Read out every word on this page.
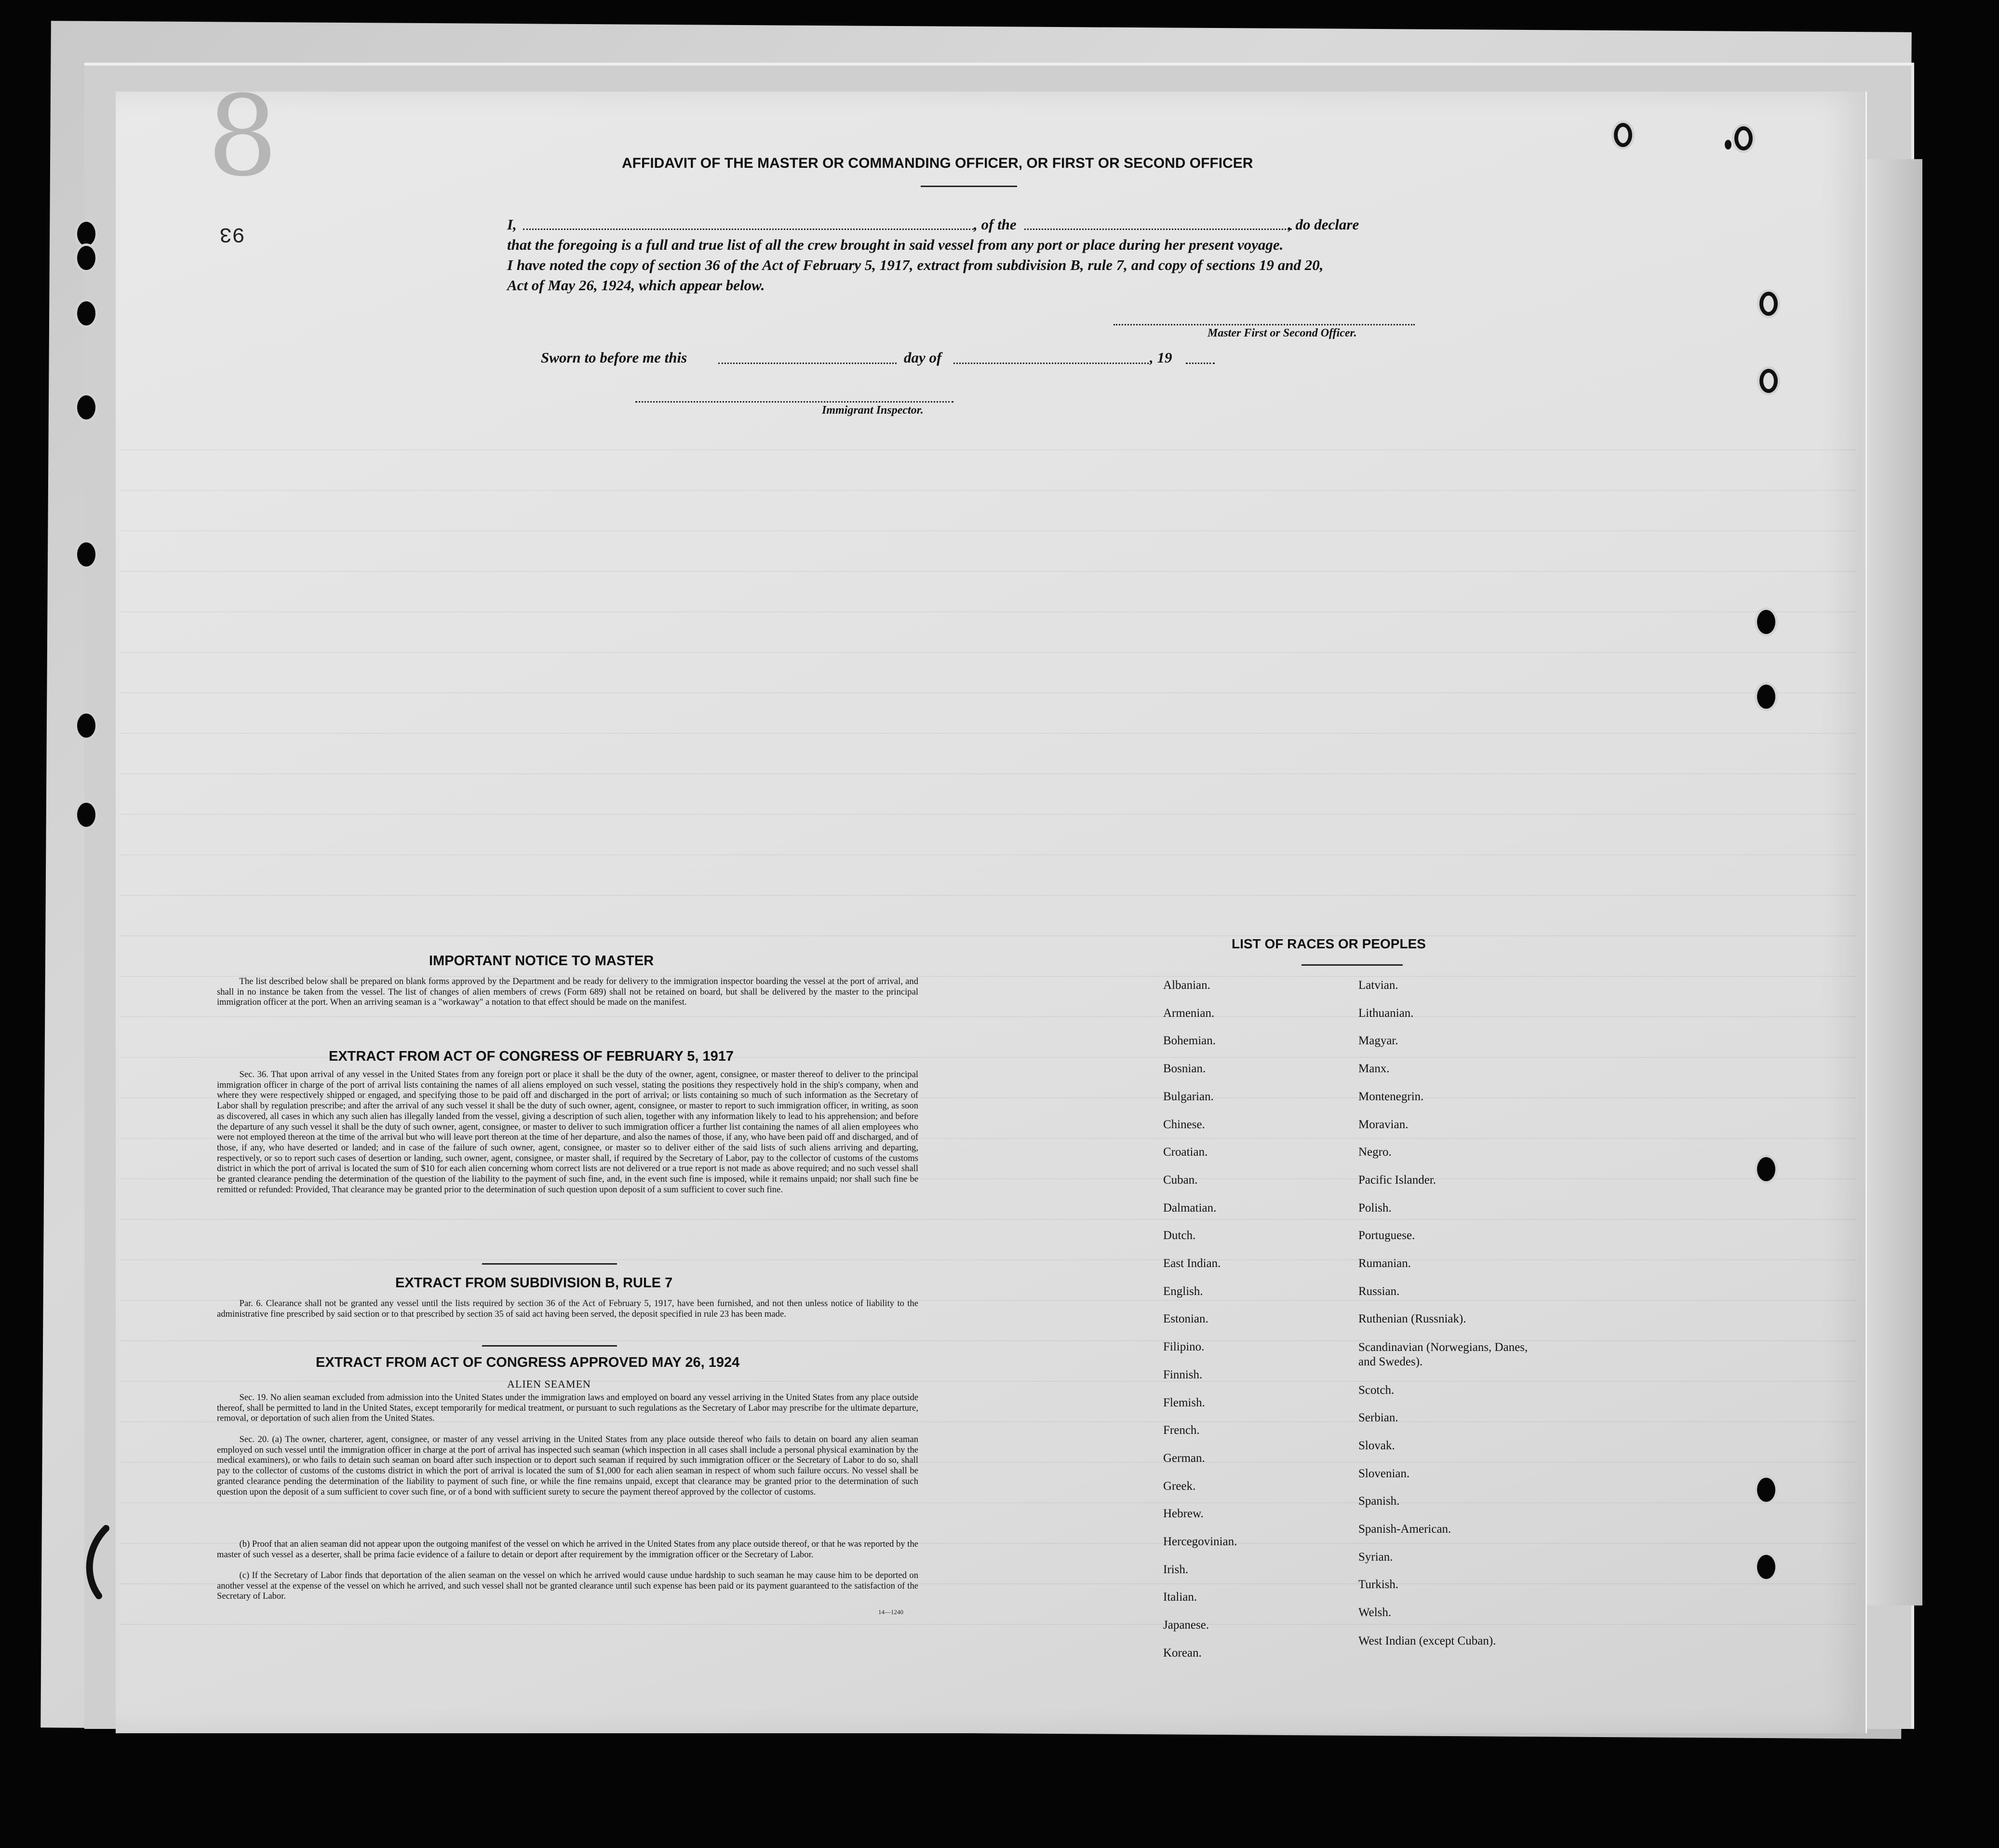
8
93
AFFIDAVIT OF THE MASTER OR COMMANDING OFFICER, OR FIRST OR SECOND OFFICER
I,	, of the	, do declare
that the foregoing is a full and true list of all the crew brought in said vessel from any port or place during her present voyage.
I have noted the copy of section 36 of the Act of February 5, 1917, extract from subdivision B, rule 7, and copy of sections 19 and 20,
Act of May 26, 1924, which appear below.
Master First or Second Officer.
Sworn to before me this	day of	, 19
Immigrant Inspector.
IMPORTANT NOTICE TO MASTER
The list described below shall be prepared on blank forms approved by the Department and be ready for delivery to the immigration inspector boarding the vessel at the port of arrival, and shall in no instance be taken from the vessel. The list of changes of alien members of crews (Form 689) shall not be retained on board, but shall be delivered by the master to the principal immigration officer at the port. When an arriving seaman is a "workaway" a notation to that effect should be made on the manifest.
EXTRACT FROM ACT OF CONGRESS OF FEBRUARY 5, 1917
Sec. 36. That upon arrival of any vessel in the United States from any foreign port or place it shall be the duty of the owner, agent, consignee, or master thereof to deliver to the principal immigration officer in charge of the port of arrival lists containing the names of all aliens employed on such vessel, stating the positions they respectively hold in the ship's company, when and where they were respectively shipped or engaged, and specifying those to be paid off and discharged in the port of arrival; or lists containing so much of such information as the Secretary of Labor shall by regulation prescribe; and after the arrival of any such vessel it shall be the duty of such owner, agent, consignee, or master to report to such immigration officer, in writing, as soon as discovered, all cases in which any such alien has illegally landed from the vessel, giving a description of such alien, together with any information likely to lead to his apprehension; and before the departure of any such vessel it shall be the duty of such owner, agent, consignee, or master to deliver to such immigration officer a further list containing the names of all alien employees who were not employed thereon at the time of the arrival but who will leave port thereon at the time of her departure, and also the names of those, if any, who have been paid off and discharged, and of those, if any, who have deserted or landed; and in case of the failure of such owner, agent, consignee, or master so to deliver either of the said lists of such aliens arriving and departing, respectively, or so to report such cases of desertion or landing, such owner, agent, consignee, or master shall, if required by the Secretary of Labor, pay to the collector of customs of the customs district in which the port of arrival is located the sum of $10 for each alien concerning whom correct lists are not delivered or a true report is not made as above required; and no such vessel shall be granted clearance pending the determination of the question of the liability to the payment of such fine, and, in the event such fine is imposed, while it remains unpaid; nor shall such fine be remitted or refunded: Provided, That clearance may be granted prior to the determination of such question upon deposit of a sum sufficient to cover such fine.
EXTRACT FROM SUBDIVISION B, RULE 7
Par. 6. Clearance shall not be granted any vessel until the lists required by section 36 of the Act of February 5, 1917, have been furnished, and not then unless notice of liability to the administrative fine prescribed by said section or to that prescribed by section 35 of said act having been served, the deposit specified in rule 23 has been made.
EXTRACT FROM ACT OF CONGRESS APPROVED MAY 26, 1924
ALIEN SEAMEN
Sec. 19. No alien seaman excluded from admission into the United States under the immigration laws and employed on board any vessel arriving in the United States from any place outside thereof, shall be permitted to land in the United States, except temporarily for medical treatment, or pursuant to such regulations as the Secretary of Labor may prescribe for the ultimate departure, removal, or deportation of such alien from the United States.
Sec. 20. (a) The owner, charterer, agent, consignee, or master of any vessel arriving in the United States from any place outside thereof who fails to detain on board any alien seaman employed on such vessel until the immigration officer in charge at the port of arrival has inspected such seaman (which inspection in all cases shall include a personal physical examination by the medical examiners), or who fails to detain such seaman on board after such inspection or to deport such seaman if required by such immigration officer or the Secretary of Labor to do so, shall pay to the collector of customs of the customs district in which the port of arrival is located the sum of $1,000 for each alien seaman in respect of whom such failure occurs. No vessel shall be granted clearance pending the determination of the liability to payment of such fine, or while the fine remains unpaid, except that clearance may be granted prior to the determination of such question upon the deposit of a sum sufficient to cover such fine, or of a bond with sufficient surety to secure the payment thereof approved by the collector of customs.
(b) Proof that an alien seaman did not appear upon the outgoing manifest of the vessel on which he arrived in the United States from any place outside thereof, or that he was reported by the master of such vessel as a deserter, shall be prima facie evidence of a failure to detain or deport after requirement by the immigration officer or the Secretary of Labor.
(c) If the Secretary of Labor finds that deportation of the alien seaman on the vessel on which he arrived would cause undue hardship to such seaman he may cause him to be deported on another vessel at the expense of the vessel on which he arrived, and such vessel shall not be granted clearance until such expense has been paid or its payment guaranteed to the satisfaction of the Secretary of Labor.
14—1240
LIST OF RACES OR PEOPLES
Albanian.
Armenian.
Bohemian.
Bosnian.
Bulgarian.
Chinese.
Croatian.
Cuban.
Dalmatian.
Dutch.
East Indian.
English.
Estonian.
Filipino.
Finnish.
Flemish.
French.
German.
Greek.
Hebrew.
Hercegovinian.
Irish.
Italian.
Japanese.
Korean.
Latvian.
Lithuanian.
Magyar.
Manx.
Montenegrin.
Moravian.
Negro.
Pacific Islander.
Polish.
Portuguese.
Rumanian.
Russian.
Ruthenian (Russniak).
Scandinavian (Norwegians, Danes, and Swedes).
Scotch.
Serbian.
Slovak.
Slovenian.
Spanish.
Spanish-American.
Syrian.
Turkish.
Welsh.
West Indian (except Cuban).
